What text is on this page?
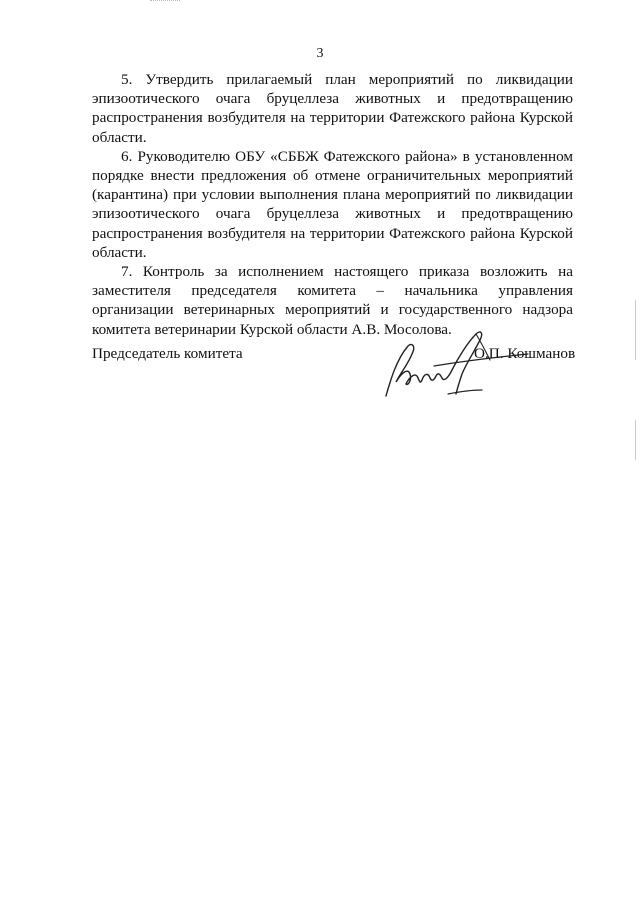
3

5. Утвердить прилагаемый план мероприятий по ликвидации эпизоотического очага бруцеллеза животных и предотвращению распространения возбудителя на территории Фатежского района Курской области.

6. Руководителю ОБУ «СББЖ Фатежского района» в установленном порядке внести предложения об отмене ограничительных мероприятий (карантина) при условии выполнения плана мероприятий по ликвидации эпизоотического очага бруцеллеза животных и предотвращению распространения возбудителя на территории Фатежского района Курской области.

7. Контроль за исполнением настоящего приказа возложить на заместителя председателя комитета – начальника управления организации ветеринарных мероприятий и государственного надзора комитета ветеринарии Курской области А.В. Мосолова.

Председатель комитета	О.П. Кошманов
